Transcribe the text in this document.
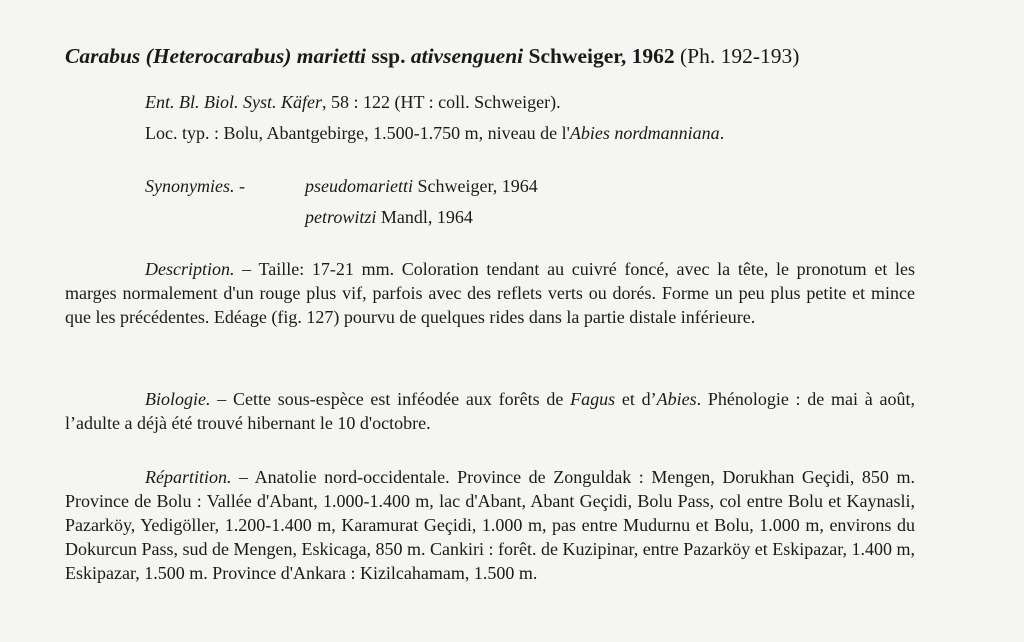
Carabus (Heterocarabus) marietti ssp. ativsengueni Schweiger, 1962 (Ph. 192-193)
Ent. Bl. Biol. Syst. Käfer, 58 : 122 (HT : coll. Schweiger).
Loc. typ. : Bolu, Abantgebirge, 1.500-1.750 m, niveau de l'Abies nordmanniana.
Synonymies. -	pseudomarietti Schweiger, 1964
petrowitzi Mandl, 1964
Description. – Taille: 17-21 mm. Coloration tendant au cuivré foncé, avec la tête, le pronotum et les marges normalement d'un rouge plus vif, parfois avec des reflets verts ou dorés. Forme un peu plus petite et mince que les précédentes. Edéage (fig. 127) pourvu de quelques rides dans la partie distale inférieure.
Biologie. – Cette sous-espèce est inféodée aux forêts de Fagus et d’Abies. Phénologie : de mai à août, l’adulte a déjà été trouvé hibernant le 10 d'octobre.
Répartition. – Anatolie nord-occidentale. Province de Zonguldak : Mengen, Dorukhan Geçidi, 850 m. Province de Bolu : Vallée d'Abant, 1.000-1.400 m, lac d'Abant, Abant Geçidi, Bolu Pass, col entre Bolu et Kaynasli, Pazarköy, Yedigöller, 1.200-1.400 m, Karamurat Geçidi, 1.000 m, pas entre Mudurnu et Bolu, 1.000 m, environs du Dokurcun Pass, sud de Mengen, Eskicaga, 850 m. Cankiri : forêt. de Kuzipinar, entre Pazarköy et Eskipazar, 1.400 m, Eskipazar, 1.500 m. Province d'Ankara : Kizilcahamam, 1.500 m.
